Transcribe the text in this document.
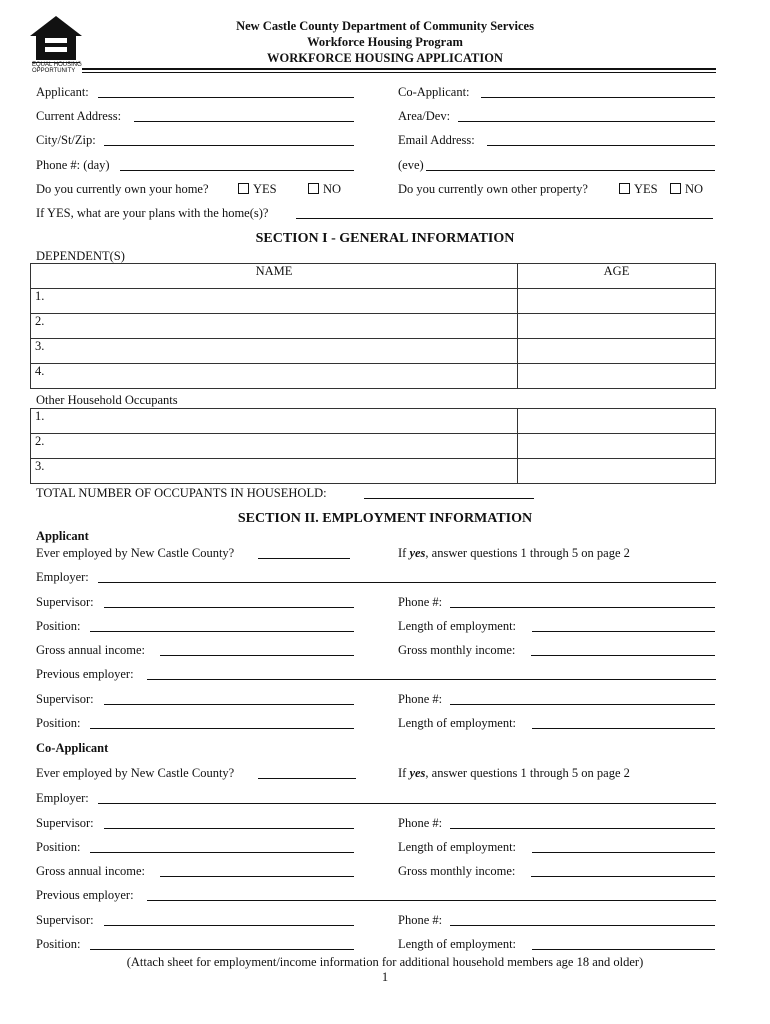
EQUAL HOUSING
OPPORTUNITY
New Castle County Department of Community Services
Workforce Housing Program
WORKFORCE HOUSING APPLICATION
Applicant:	Co-Applicant:
Current Address:	Area/Dev:
City/St/Zip:	Email Address:
Phone #: (day)	(eve)
Do you currently own your home?	YES	NO	Do you currently own other property?	YES	NO
If YES, what are your plans with the home(s)?
SECTION I - GENERAL INFORMATION
DEPENDENT(S)
NAME	AGE
1.	
2.	
3.	
4.	
Other Household Occupants
1.	
2.	
3.	
TOTAL NUMBER OF OCCUPANTS IN HOUSEHOLD:
SECTION II. EMPLOYMENT INFORMATION
Applicant
Ever employed by New Castle County?	If yes, answer questions 1 through 5 on page 2
Employer:
Supervisor:	Phone #:
Position:	Length of employment:
Gross annual income:	Gross monthly income:
Previous employer:
Supervisor:	Phone #:
Position:	Length of employment:
Co-Applicant
Ever employed by New Castle County?	If yes, answer questions 1 through 5 on page 2
Employer:
Supervisor:	Phone #:
Position:	Length of employment:
Gross annual income:	Gross monthly income:
Previous employer:
Supervisor:	Phone #:
Position:	Length of employment:
(Attach sheet for employment/income information for additional household members age 18 and older)
1
